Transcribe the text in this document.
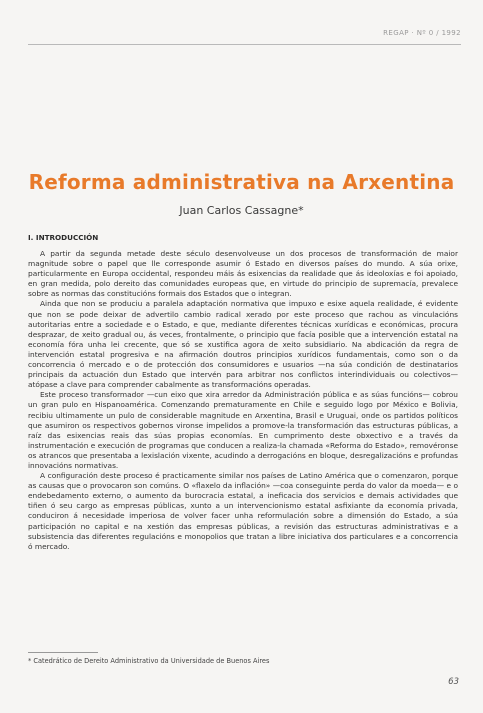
REGAP · Nº 0 / 1992
Reforma administrativa na Arxentina
Juan Carlos Cassagne*
I. INTRODUCCIÓN

A partir da segunda metade deste século desenvolveuse un dos procesos de transformación de maior magnitude sobre o papel que lle corresponde asumir ó Estado en diversos países do mundo. A súa orixe, particularmente en Europa occidental, respondeu máis ás esixencias da realidade que ás ideoloxías e foi apoiado, en gran medida, polo dereito das comunidades europeas que, en virtude do principio de supremacía, prevalece sobre as normas das constitucións formais dos Estados que o integran.

Ainda que non se produciu a paralela adaptación normativa que impuxo e esixe aquela realidade, é evidente que non se pode deixar de advertilo cambio radical xerado por este proceso que rachou as vinculacións autoritarias entre a sociedade e o Estado, e que, mediante diferentes técnicas xurídicas e económicas, procura desprazar, de xeito gradual ou, ás veces, frontalmente, o principio que facía posible que a intervención estatal na economía fóra unha lei crecente, que só se xustifica agora de xeito subsidiario. Na abdicación da regra de intervención estatal progresiva e na afirmación doutros principios xurídicos fundamentais, como son o da concorrencia ó mercado e o de protección dos consumidores e usuarios —na súa condición de destinatarios principais da actuación dun Estado que intervén para arbitrar nos conflictos interindividuais ou colectivos— atópase a clave para comprender cabalmente as transformacións operadas.

Este proceso transformador —cun eixo que xira arredor da Administración pública e as súas funcións— cobrou un gran pulo en Hispanoamérica. Comenzando prematuramente en Chile e seguido logo por México e Bolivia, recibiu ultimamente un pulo de considerable magnitude en Arxentina, Brasil e Uruguai, onde os partidos políticos que asumiron os respectivos gobernos vironse impelidos a promove-la transformación das estructuras públicas, a raíz das esixencias reais das súas propias economías. En cumprimento deste obxectivo e a través da instrumentación e execución de programas que conducen a realiza-la chamada «Reforma do Estado», removéronse os atrancos que presentaba a lexislación vixente, acudindo a derrogacións en bloque, desregalizacións e profundas innovacións normativas.

A configuración deste proceso é practicamente similar nos países de Latino América que o comenzaron, porque as causas que o provocaron son comúns. O «flaxelo da inflación» —coa conseguinte perda do valor da moeda— e o endebedamento externo, o aumento da burocracia estatal, a ineficacia dos servicios e demais actividades que tiñen ó seu cargo as empresas públicas, xunto a un intervencionismo estatal asfixiante da economía privada, conduciron á necesidade imperiosa de volver facer unha reformulación sobre a dimensión do Estado, a súa participación no capital e na xestión das empresas públicas, a revisión das estructuras administrativas e a subsistencia das diferentes regulacións e monopolios que tratan a libre iniciativa dos particulares e a concorrencia ó mercado.

* Catedrático de Dereito Administrativo da Universidade de Buenos Aires
63
